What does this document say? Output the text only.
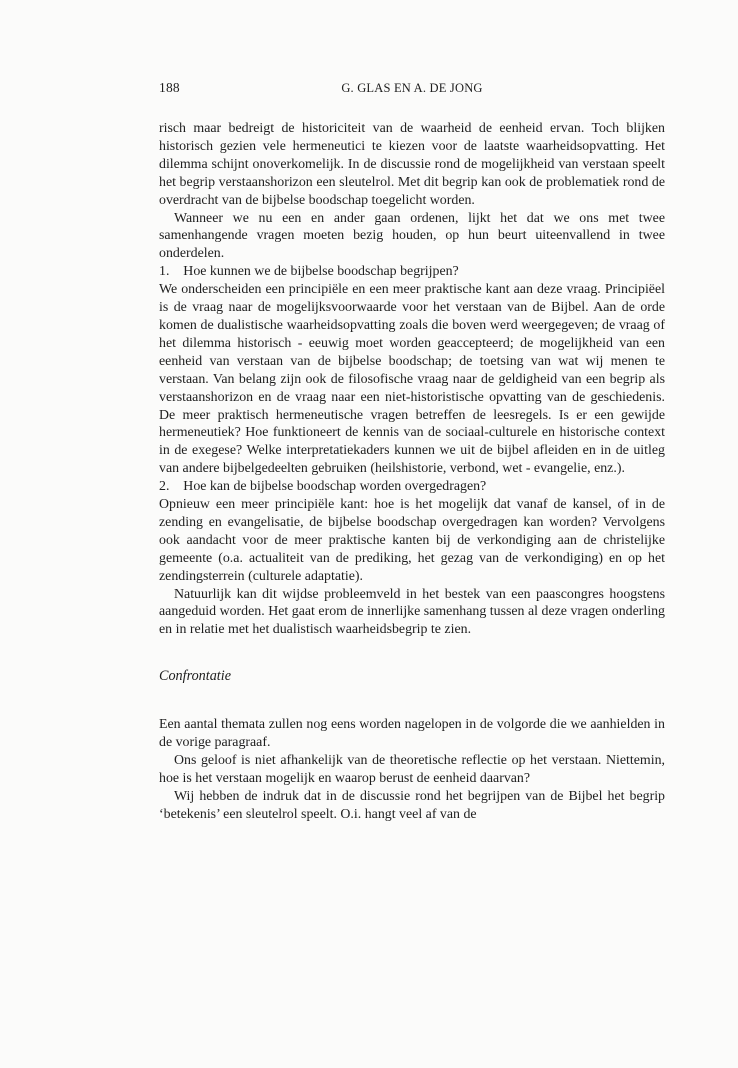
188	G. GLAS EN A. DE JONG

risch maar bedreigt de historiciteit van de waarheid de eenheid ervan. Toch blijken historisch gezien vele hermeneutici te kiezen voor de laatste waarheidsopvatting. Het dilemma schijnt onoverkomelijk. In de discussie rond de mogelijkheid van verstaan speelt het begrip verstaanshorizon een sleutelrol. Met dit begrip kan ook de problematiek rond de overdracht van de bijbelse boodschap toegelicht worden.

Wanneer we nu een en ander gaan ordenen, lijkt het dat we ons met twee samenhangende vragen moeten bezig houden, op hun beurt uiteenvallend in twee onderdelen.

1. Hoe kunnen we de bijbelse boodschap begrijpen?

We onderscheiden een principiële en een meer praktische kant aan deze vraag. Principiëel is de vraag naar de mogelijksvoorwaarde voor het verstaan van de Bijbel. Aan de orde komen de dualistische waarheidsopvatting zoals die boven werd weergegeven; de vraag of het dilemma historisch - eeuwig moet worden geaccepteerd; de mogelijkheid van een eenheid van verstaan van de bijbelse boodschap; de toetsing van wat wij menen te verstaan. Van belang zijn ook de filosofische vraag naar de geldigheid van een begrip als verstaanshorizon en de vraag naar een niet-historistische opvatting van de geschiedenis. De meer praktisch hermeneutische vragen betreffen de leesregels. Is er een gewijde hermeneutiek? Hoe funktioneert de kennis van de sociaal-culturele en historische context in de exegese? Welke interpretatiekaders kunnen we uit de bijbel afleiden en in de uitleg van andere bijbelgedeelten gebruiken (heilshistorie, verbond, wet - evangelie, enz.).

2. Hoe kan de bijbelse boodschap worden overgedragen?

Opnieuw een meer principiële kant: hoe is het mogelijk dat vanaf de kansel, of in de zending en evangelisatie, de bijbelse boodschap overgedragen kan worden? Vervolgens ook aandacht voor de meer praktische kanten bij de verkondiging aan de christelijke gemeente (o.a. actualiteit van de prediking, het gezag van de verkondiging) en op het zendingsterrein (culturele adaptatie).

Natuurlijk kan dit wijdse probleemveld in het bestek van een paascongres hoogstens aangeduid worden. Het gaat erom de innerlijke samenhang tussen al deze vragen onderling en in relatie met het dualistisch waarheidsbegrip te zien.

Confrontatie

Een aantal themata zullen nog eens worden nagelopen in de volgorde die we aanhielden in de vorige paragraaf.

Ons geloof is niet afhankelijk van de theoretische reflectie op het verstaan. Niettemin, hoe is het verstaan mogelijk en waarop berust de eenheid daarvan?

Wij hebben de indruk dat in de discussie rond het begrijpen van de Bijbel het begrip ‘betekenis’ een sleutelrol speelt. O.i. hangt veel af van de
